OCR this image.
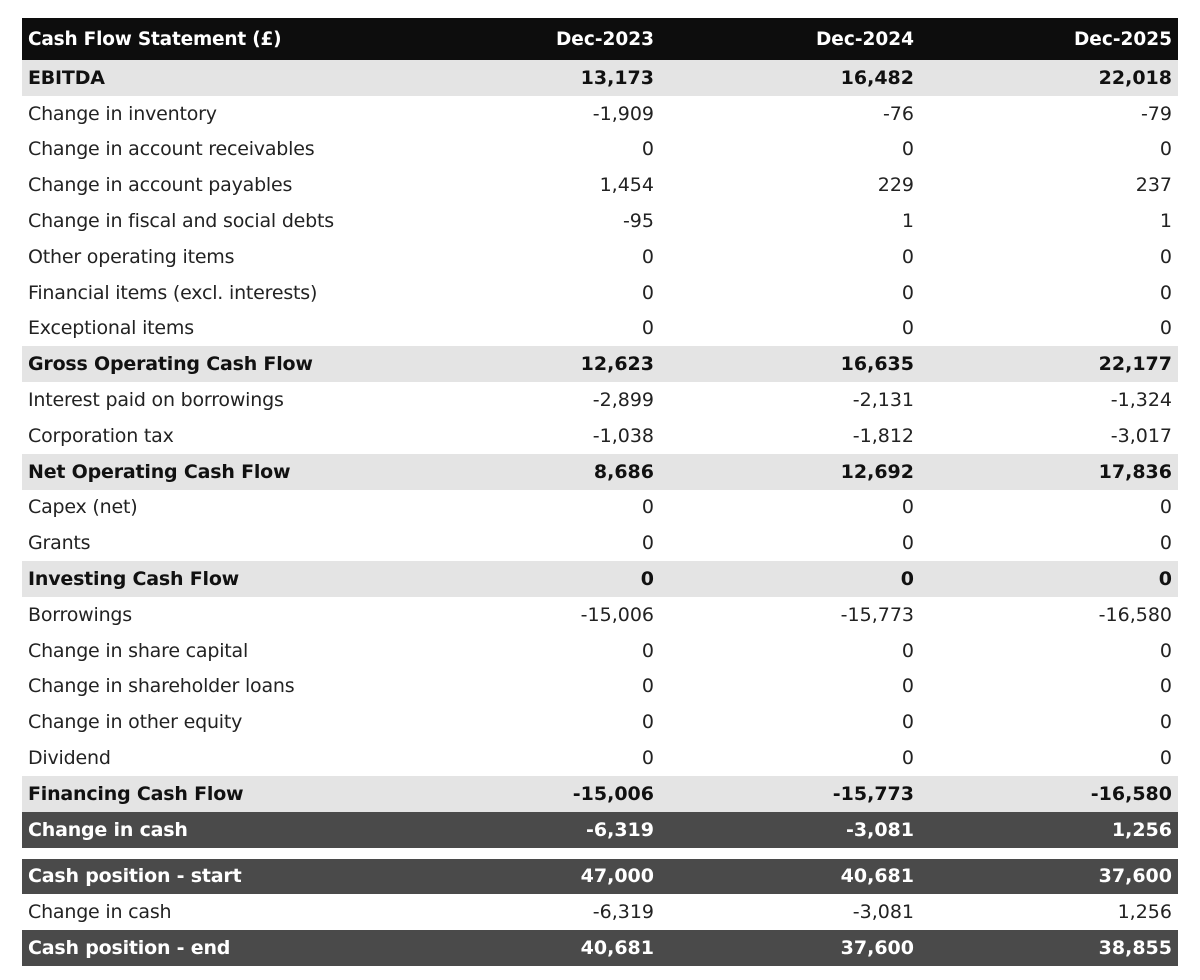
Cash Flow Statement (£)	Dec-2023	Dec-2024	Dec-2025
EBITDA	13,173	16,482	22,018
Change in inventory	-1,909	-76	-79
Change in account receivables	0	0	0
Change in account payables	1,454	229	237
Change in fiscal and social debts	-95	1	1
Other operating items	0	0	0
Financial items (excl. interests)	0	0	0
Exceptional items	0	0	0
Gross Operating Cash Flow	12,623	16,635	22,177
Interest paid on borrowings	-2,899	-2,131	-1,324
Corporation tax	-1,038	-1,812	-3,017
Net Operating Cash Flow	8,686	12,692	17,836
Capex (net)	0	0	0
Grants	0	0	0
Investing Cash Flow	0	0	0
Borrowings	-15,006	-15,773	-16,580
Change in share capital	0	0	0
Change in shareholder loans	0	0	0
Change in other equity	0	0	0
Dividend	0	0	0
Financing Cash Flow	-15,006	-15,773	-16,580
Change in cash	-6,319	-3,081	1,256
Cash position - start	47,000	40,681	37,600
Change in cash	-6,319	-3,081	1,256
Cash position - end	40,681	37,600	38,855
